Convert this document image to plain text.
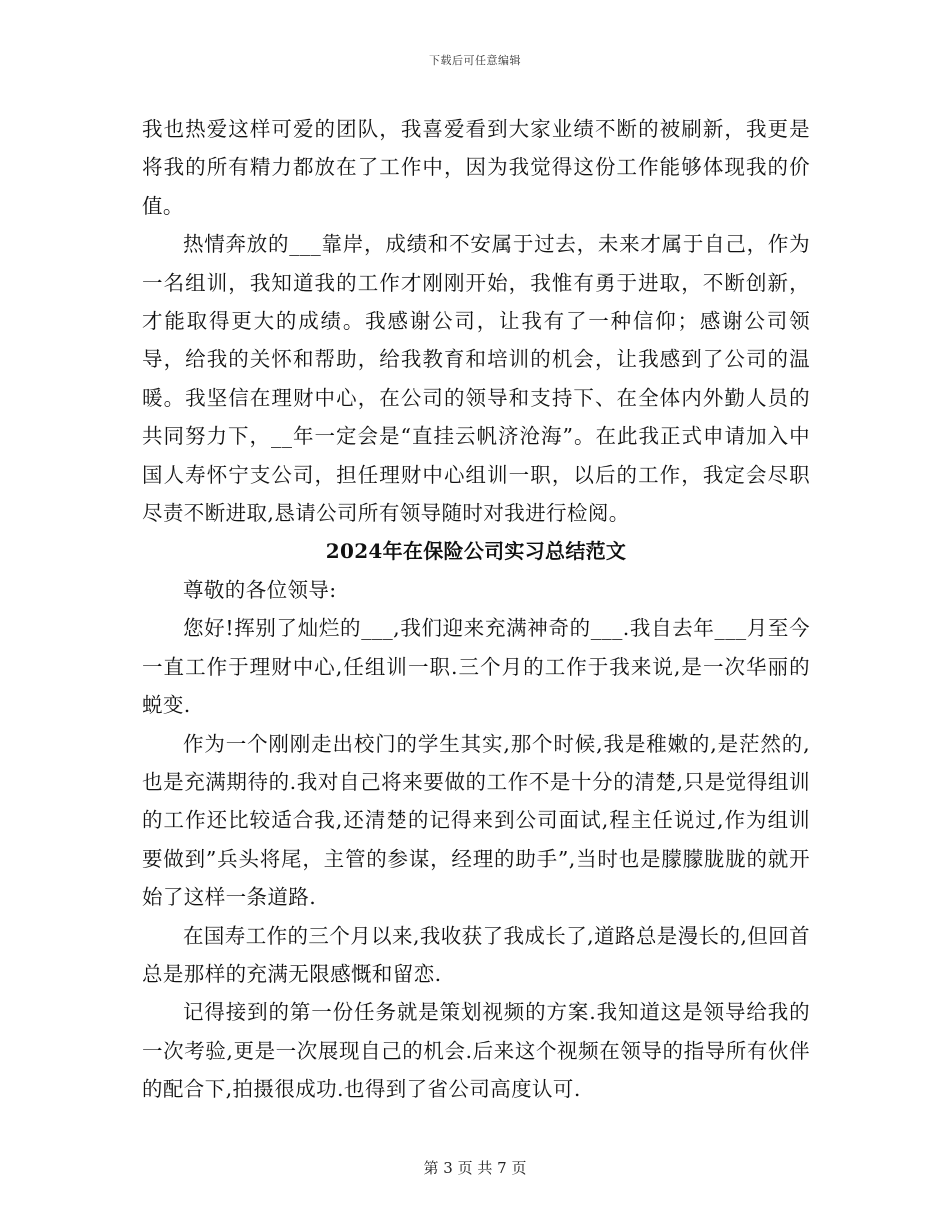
下载后可任意编辑

我也热爱这样可爱的团队，我喜爱看到大家业绩不断的被刷新，我更是将我的所有精力都放在了工作中，因为我觉得这份工作能够体现我的价值。

热情奔放的___靠岸，成绩和不安属于过去，未来才属于自己，作为一名组训，我知道我的工作才刚刚开始，我惟有勇于进取，不断创新，才能取得更大的成绩。我感谢公司，让我有了一种信仰；感谢公司领导，给我的关怀和帮助，给我教育和培训的机会，让我感到了公司的温暖。我坚信在理财中心，在公司的领导和支持下、在全体内外勤人员的共同努力下，__年一定会是“直挂云帆济沧海”。在此我正式申请加入中国人寿怀宁支公司，担任理财中心组训一职，以后的工作，我定会尽职尽责不断进取,恳请公司所有领导随时对我进行检阅。

2024年在保险公司实习总结范文

尊敬的各位领导:

您好!挥别了灿烂的___,我们迎来充满神奇的___.我自去年___月至今一直工作于理财中心,任组训一职.三个月的工作于我来说,是一次华丽的蜕变.

作为一个刚刚走出校门的学生其实,那个时候,我是稚嫩的,是茫然的,也是充满期待的.我对自己将来要做的工作不是十分的清楚,只是觉得组训的工作还比较适合我,还清楚的记得来到公司面试,程主任说过,作为组训要做到”兵头将尾，主管的参谋，经理的助手”,当时也是朦朦胧胧的就开始了这样一条道路.

在国寿工作的三个月以来,我收获了我成长了,道路总是漫长的,但回首总是那样的充满无限感慨和留恋.

记得接到的第一份任务就是策划视频的方案.我知道这是领导给我的一次考验,更是一次展现自己的机会.后来这个视频在领导的指导所有伙伴的配合下,拍摄很成功.也得到了省公司高度认可.

第 3 页 共 7 页
